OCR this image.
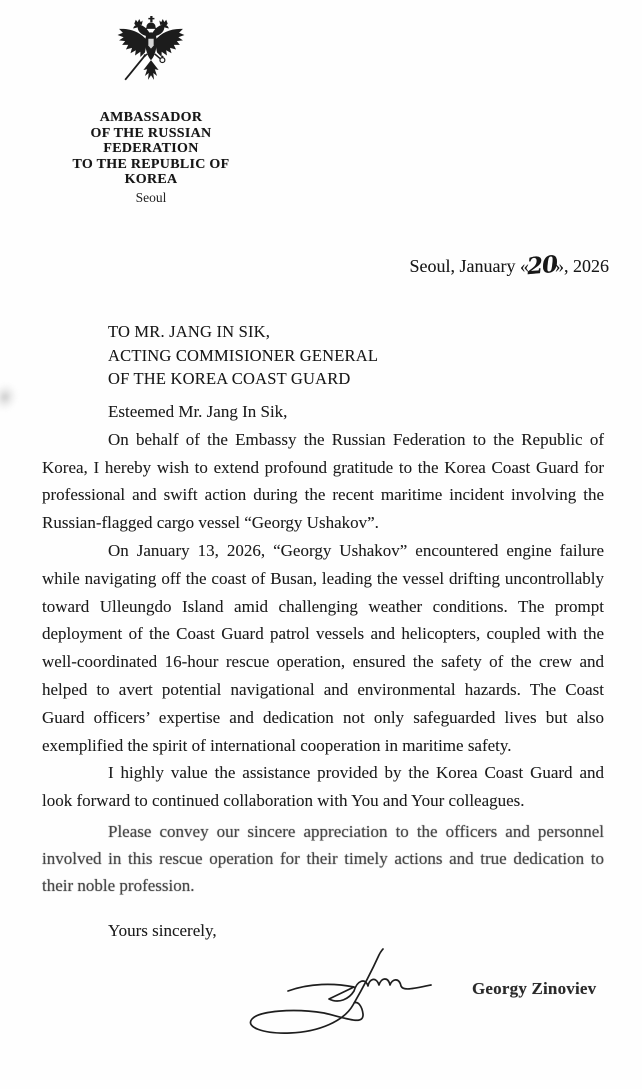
AMBASSADOR
OF THE RUSSIAN FEDERATION
TO THE REPUBLIC OF KOREA
Seoul
Seoul, January «20», 2026
TO MR. JANG IN SIK,
ACTING COMMISIONER GENERAL
OF THE KOREA COAST GUARD

Esteemed Mr. Jang In Sik,

On behalf of the Embassy the Russian Federation to the Republic of Korea, I hereby wish to extend profound gratitude to the Korea Coast Guard for professional and swift action during the recent maritime incident involving the Russian-flagged cargo vessel “Georgy Ushakov”.

On January 13, 2026, “Georgy Ushakov” encountered engine failure while navigating off the coast of Busan, leading the vessel drifting uncontrollably toward Ulleungdo Island amid challenging weather conditions. The prompt deployment of the Coast Guard patrol vessels and helicopters, coupled with the well-coordinated 16-hour rescue operation, ensured the safety of the crew and helped to avert potential navigational and environmental hazards. The Coast Guard officers’ expertise and dedication not only safeguarded lives but also exemplified the spirit of international cooperation in maritime safety.

I highly value the assistance provided by the Korea Coast Guard and look forward to continued collaboration with You and Your colleagues.

Please convey our sincere appreciation to the officers and personnel involved in this rescue operation for their timely actions and true dedication to their noble profession.

Yours sincerely,

Georgy Zinoviev
